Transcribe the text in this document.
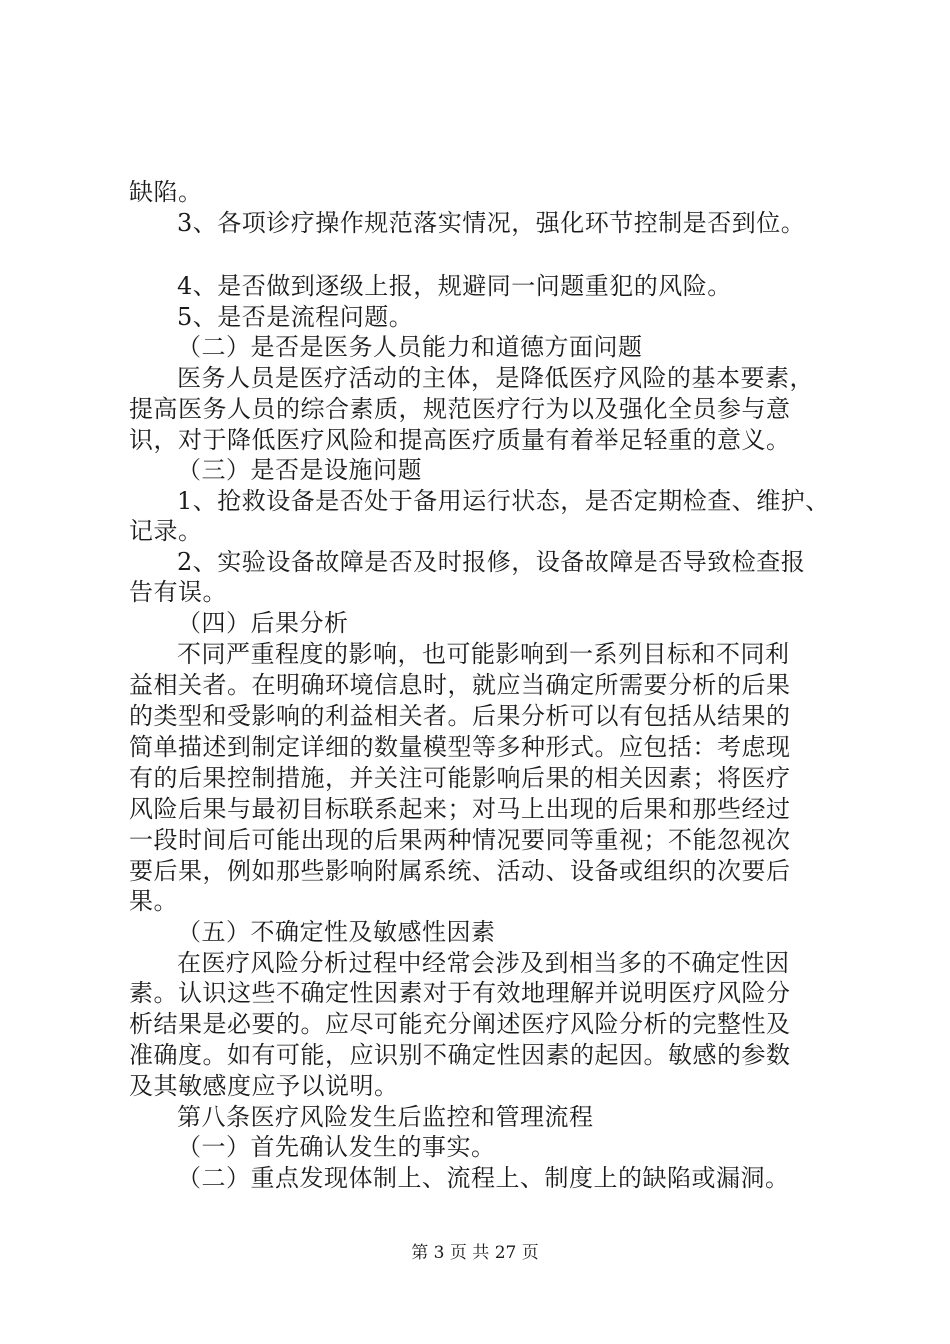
缺陷。
3、各项诊疗操作规范落实情况，强化环节控制是否到位。
4、是否做到逐级上报，规避同一问题重犯的风险。
5、是否是流程问题。
（二）是否是医务人员能力和道德方面问题
医务人员是医疗活动的主体，是降低医疗风险的基本要素，
提高医务人员的综合素质，规范医疗行为以及强化全员参与意
识，对于降低医疗风险和提高医疗质量有着举足轻重的意义。
（三）是否是设施问题
1、抢救设备是否处于备用运行状态，是否定期检查、维护、
记录。
2、实验设备故障是否及时报修，设备故障是否导致检查报
告有误。
（四）后果分析
不同严重程度的影响，也可能影响到一系列目标和不同利
益相关者。在明确环境信息时，就应当确定所需要分析的后果
的类型和受影响的利益相关者。后果分析可以有包括从结果的
简单描述到制定详细的数量模型等多种形式。应包括：考虑现
有的后果控制措施，并关注可能影响后果的相关因素；将医疗
风险后果与最初目标联系起来；对马上出现的后果和那些经过
一段时间后可能出现的后果两种情况要同等重视；不能忽视次
要后果，例如那些影响附属系统、活动、设备或组织的次要后
果。
（五）不确定性及敏感性因素
在医疗风险分析过程中经常会涉及到相当多的不确定性因
素。认识这些不确定性因素对于有效地理解并说明医疗风险分
析结果是必要的。应尽可能充分阐述医疗风险分析的完整性及
准确度。如有可能，应识别不确定性因素的起因。敏感的参数
及其敏感度应予以说明。
第八条医疗风险发生后监控和管理流程
（一）首先确认发生的事实。
（二）重点发现体制上、流程上、制度上的缺陷或漏洞。
第 3 页 共 27 页
